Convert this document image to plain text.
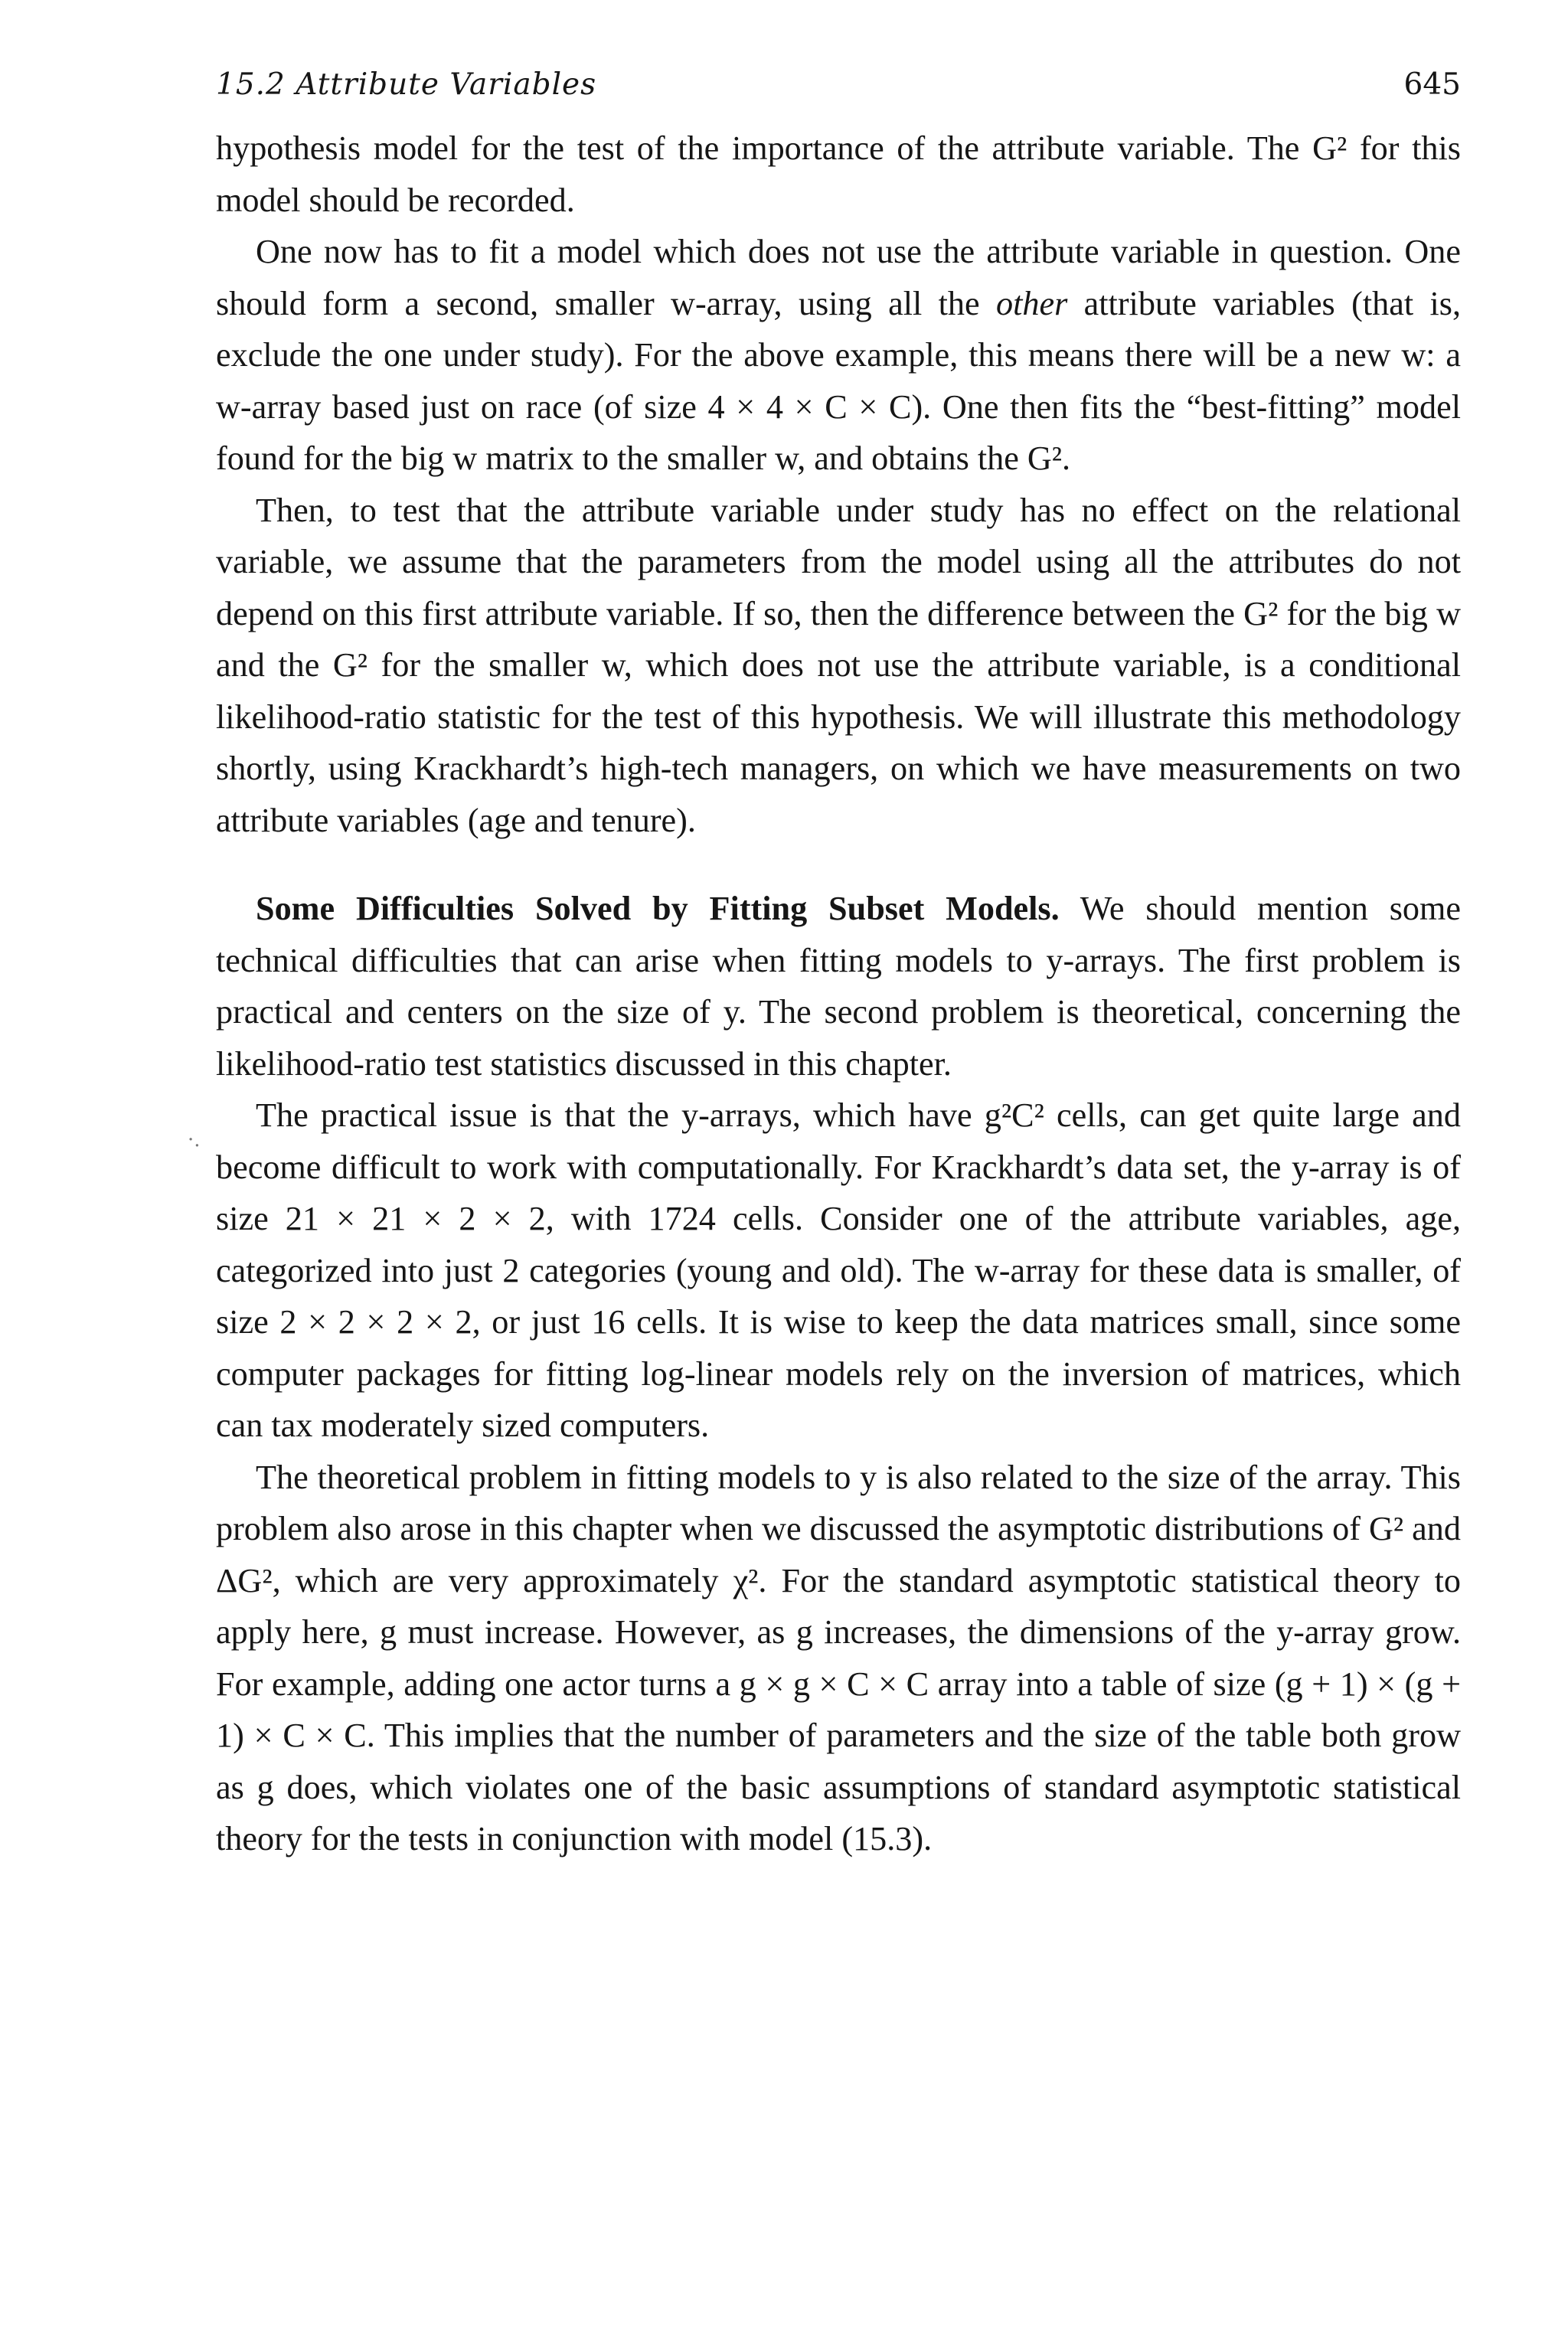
15.2 Attribute Variables	645
·.

hypothesis model for the test of the importance of the attribute variable. The G² for this model should be recorded.

One now has to fit a model which does not use the attribute variable in question. One should form a second, smaller w-array, using all the other attribute variables (that is, exclude the one under study). For the above example, this means there will be a new w: a w-array based just on race (of size 4 × 4 × C × C). One then fits the “best-fitting” model found for the big w matrix to the smaller w, and obtains the G².

Then, to test that the attribute variable under study has no effect on the relational variable, we assume that the parameters from the model using all the attributes do not depend on this first attribute variable. If so, then the difference between the G² for the big w and the G² for the smaller w, which does not use the attribute variable, is a conditional likelihood-ratio statistic for the test of this hypothesis. We will illustrate this methodology shortly, using Krackhardt’s high-tech managers, on which we have measurements on two attribute variables (age and tenure).

Some Difficulties Solved by Fitting Subset Models. We should mention some technical difficulties that can arise when fitting models to y-arrays. The first problem is practical and centers on the size of y. The second problem is theoretical, concerning the likelihood-ratio test statistics discussed in this chapter.

The practical issue is that the y-arrays, which have g²C² cells, can get quite large and become difficult to work with computationally. For Krackhardt’s data set, the y-array is of size 21 × 21 × 2 × 2, with 1724 cells. Consider one of the attribute variables, age, categorized into just 2 categories (young and old). The w-array for these data is smaller, of size 2 × 2 × 2 × 2, or just 16 cells. It is wise to keep the data matrices small, since some computer packages for fitting log-linear models rely on the inversion of matrices, which can tax moderately sized computers.

The theoretical problem in fitting models to y is also related to the size of the array. This problem also arose in this chapter when we discussed the asymptotic distributions of G² and ΔG², which are very approximately χ². For the standard asymptotic statistical theory to apply here, g must increase. However, as g increases, the dimensions of the y-array grow. For example, adding one actor turns a g × g × C × C array into a table of size (g + 1) × (g + 1) × C × C. This implies that the number of parameters and the size of the table both grow as g does, which violates one of the basic assumptions of standard asymptotic statistical theory for the tests in conjunction with model (15.3).
